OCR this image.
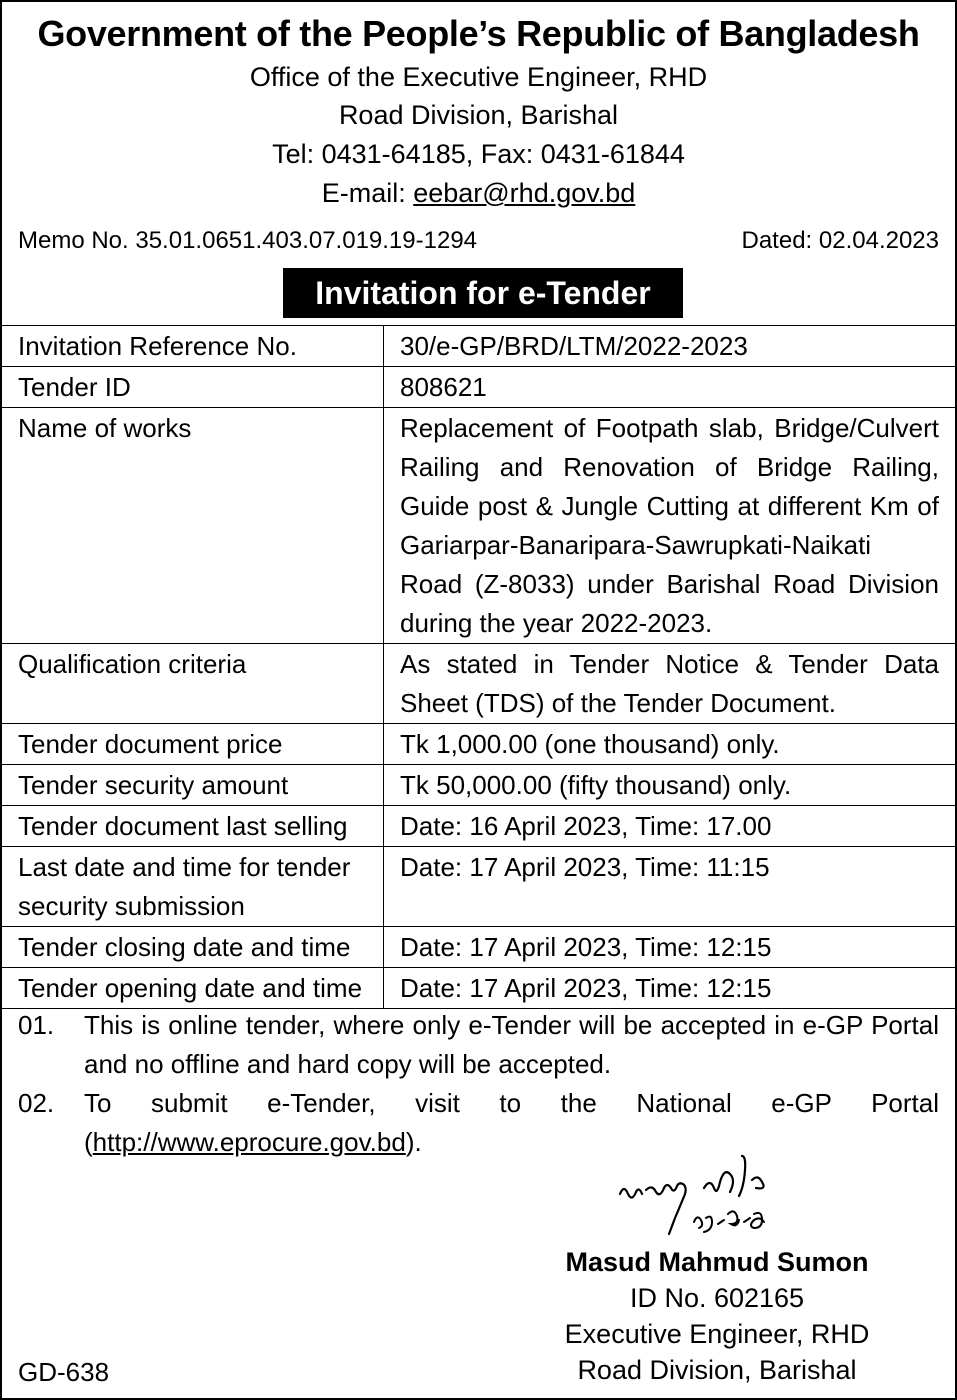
Government of the People’s Republic of Bangladesh
Office of the Executive Engineer, RHD
Road Division, Barishal
Tel: 0431-64185, Fax: 0431-61844
E-mail: eebar@rhd.gov.bd
Memo No. 35.01.0651.403.07.019.19-1294	Dated: 02.04.2023
Invitation for e-Tender
Invitation Reference No.	30/e-GP/BRD/LTM/2022-2023
Tender ID	808621
Name of works	Replacement of Footpath slab, Bridge/Culvert Railing and Renovation of Bridge Railing, Guide post & Jungle Cutting at different Km of Gariarpar-Banaripara-Sawrupkati-Naikati Road (Z-8033) under Barishal Road Division during the year 2022-2023.
Qualification criteria	As stated in Tender Notice & Tender Data Sheet (TDS) of the Tender Document.
Tender document price	Tk 1,000.00 (one thousand) only.
Tender security amount	Tk 50,000.00 (fifty thousand) only.
Tender document last selling	Date: 16 April 2023, Time: 17.00
Last date and time for tender security submission	Date: 17 April 2023, Time: 11:15
Tender closing date and time	Date: 17 April 2023, Time: 12:15
Tender opening date and time	Date: 17 April 2023, Time: 12:15
01.	This is online tender, where only e-Tender will be accepted in e-GP Portal and no offline and hard copy will be accepted.
02.	To submit e-Tender, visit to the National e-GP Portal
(http://www.eprocure.gov.bd).
Masud Mahmud Sumon
ID No. 602165
Executive Engineer, RHD
Road Division, Barishal
GD-638
